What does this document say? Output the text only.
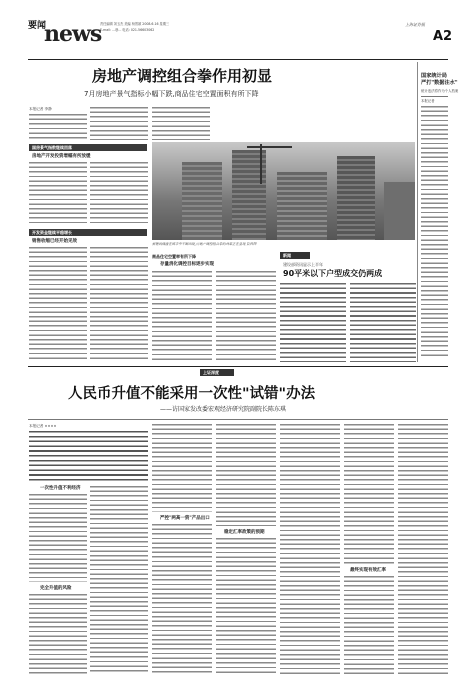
要闻
news
责任编辑 刘玉杰 美编 杨景颖 2008.6.16 星期三
E-mail: ...@... 电话: 021-56603062
上海证券报
A2
房地产调控组合拳作用初显
7月房地产景气指标小幅下跌,商品住宅空置面积有所下降
本报记者 李静
国房景气指数继续回落
房地产开发投资增幅有所放缓
开发资金继续平稳增长
销售收缩已经开始见效	新建的楼盘在城市中不断出现,房地产调控组合拳的效果正在显现 资料图
商品住宅空置率有所下降
存量消化调控目标逐步实现
新闻
建设部资讯显示上半年
90平米以下户型成交仍两成
国家统计局
严打"数据注水"
统计违法将作为个人档案
本报记者
上证深度
人民币升值不能采用一次性"试错"办法
——访国家发改委宏观经济研究院副院长陈东琪
本报记者 ××××
一次性升值不利经济
完全升值的风险
严控"两高一资"产品出口
稳定汇率政策的预期
最终实现有效汇率
